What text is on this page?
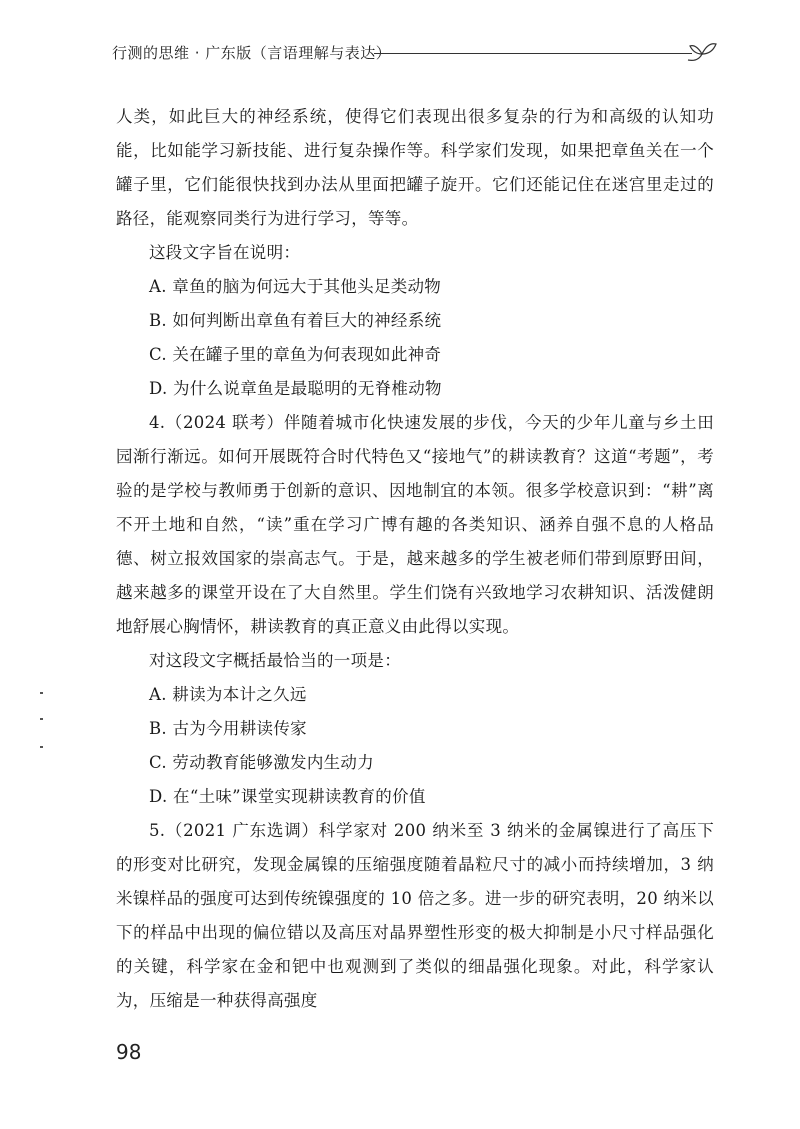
行测的思维 · 广东版（言语理解与表达）

人类，如此巨大的神经系统，使得它们表现出很多复杂的行为和高级的认知功能，比如能学习新技能、进行复杂操作等。科学家们发现，如果把章鱼关在一个罐子里，它们能很快找到办法从里面把罐子旋开。它们还能记住在迷宫里走过的路径，能观察同类行为进行学习，等等。

这段文字旨在说明：

A. 章鱼的脑为何远大于其他头足类动物

B. 如何判断出章鱼有着巨大的神经系统

C. 关在罐子里的章鱼为何表现如此神奇

D. 为什么说章鱼是最聪明的无脊椎动物

4.（2024 联考）伴随着城市化快速发展的步伐，今天的少年儿童与乡土田园渐行渐远。如何开展既符合时代特色又“接地气”的耕读教育？这道“考题”，考验的是学校与教师勇于创新的意识、因地制宜的本领。很多学校意识到：“耕”离不开土地和自然，“读”重在学习广博有趣的各类知识、涵养自强不息的人格品德、树立报效国家的崇高志气。于是，越来越多的学生被老师们带到原野田间，越来越多的课堂开设在了大自然里。学生们饶有兴致地学习农耕知识、活泼健朗地舒展心胸情怀，耕读教育的真正意义由此得以实现。

对这段文字概括最恰当的一项是：

A. 耕读为本计之久远

B. 古为今用耕读传家

C. 劳动教育能够激发内生动力

D. 在“土味”课堂实现耕读教育的价值

5.（2021 广东选调）科学家对 200 纳米至 3 纳米的金属镍进行了高压下的形变对比研究，发现金属镍的压缩强度随着晶粒尺寸的减小而持续增加，3 纳米镍样品的强度可达到传统镍强度的 10 倍之多。进一步的研究表明，20 纳米以下的样品中出现的偏位错以及高压对晶界塑性形变的极大抑制是小尺寸样品强化的关键，科学家在金和钯中也观测到了类似的细晶强化现象。对此，科学家认为，压缩是一种获得高强度

98
